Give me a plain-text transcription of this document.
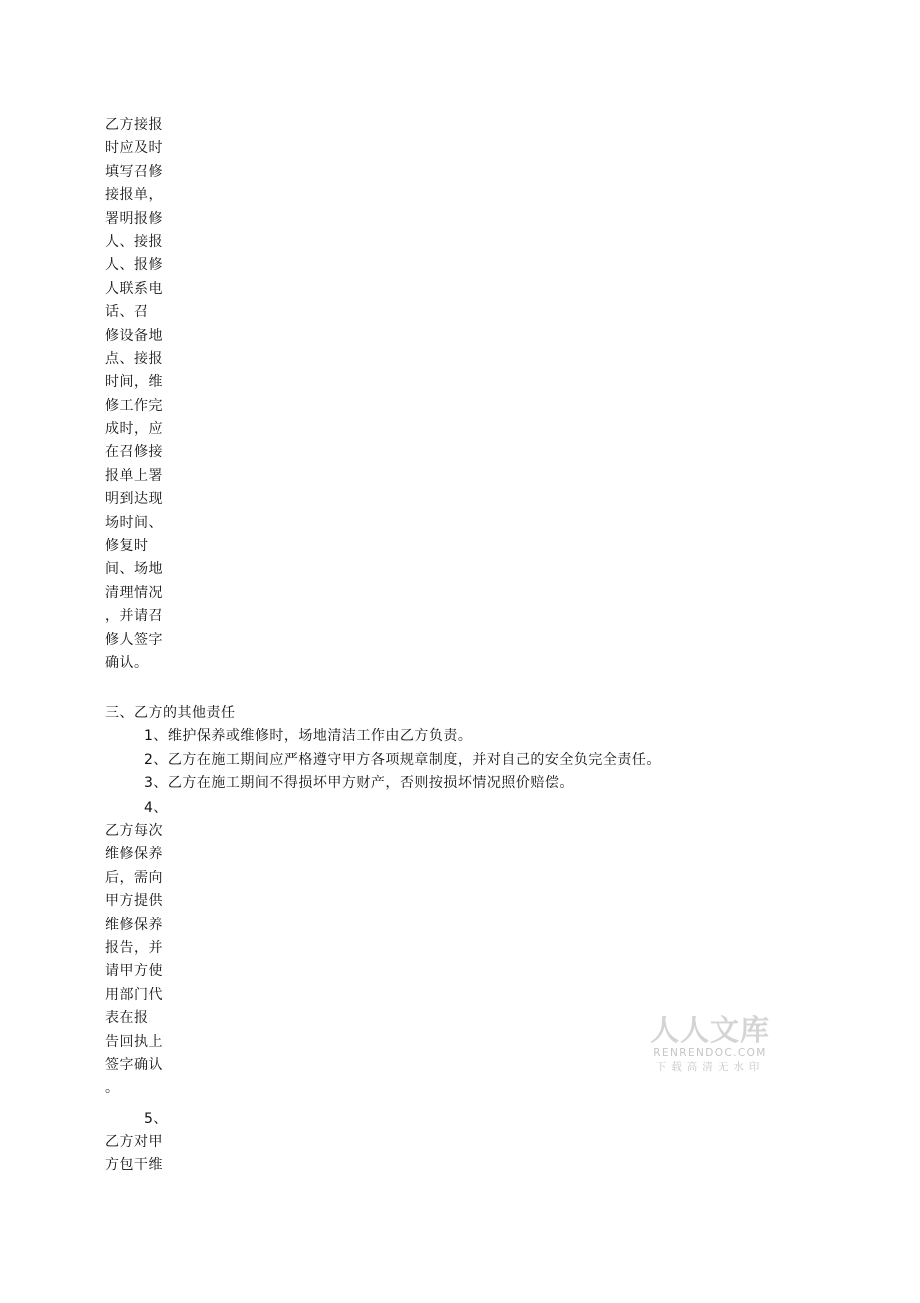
乙方接报
时应及时
填写召修
接报单，
署明报修
人、接报
人、报修
人联系电
话、召
修设备地
点、接报
时间，维
修工作完
成时，应
在召修接
报单上署
明到达现
场时间、
修复时
间、场地
清理情况
，并请召
修人签字
确认。
三、乙方的其他责任
1、维护保养或维修时，场地清洁工作由乙方负责。
2、乙方在施工期间应严格遵守甲方各项规章制度，并对自己的安全负完全责任。
3、乙方在施工期间不得损坏甲方财产，否则按损坏情况照价赔偿。
4、
乙方每次
维修保养
后，需向
甲方提供
维修保养
报告，并
请甲方使
用部门代
表在报
告回执上
签字确认
。
5、
乙方对甲
方包干维
人人文库
RENRENDOC.COM
下载高清无水印
